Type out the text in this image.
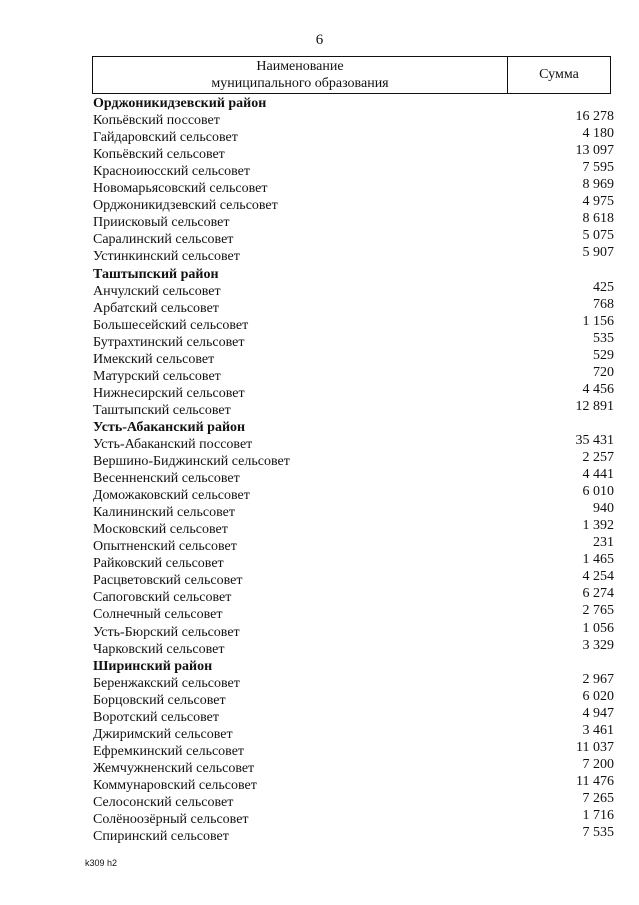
6
Наименование
муниципального образования
Сумма
Орджоникидзевский район
Копьёвский поссовет	16 278
Гайдаровский сельсовет	4 180
Копьёвский сельсовет	13 097
Красноиюсский сельсовет	7 595
Новомарьясовский сельсовет	8 969
Орджоникидзевский сельсовет	4 975
Приисковый сельсовет	8 618
Саралинский сельсовет	5 075
Устинкинский сельсовет	5 907
Таштыпский район
Анчулский сельсовет	425
Арбатский сельсовет	768
Большесейский сельсовет	1 156
Бутрахтинский сельсовет	535
Имекский сельсовет	529
Матурский сельсовет	720
Нижнесирский сельсовет	4 456
Таштыпский сельсовет	12 891
Усть-Абаканский район
Усть-Абаканский поссовет	35 431
Вершино-Биджинский сельсовет	2 257
Весенненский сельсовет	4 441
Доможаковский сельсовет	6 010
Калининский сельсовет	940
Московский сельсовет	1 392
Опытненский сельсовет	231
Райковский сельсовет	1 465
Расцветовский сельсовет	4 254
Сапоговский сельсовет	6 274
Солнечный сельсовет	2 765
Усть-Бюрский сельсовет	1 056
Чарковский сельсовет	3 329
Ширинский район
Беренжакский сельсовет	2 967
Борцовский сельсовет	6 020
Воротский сельсовет	4 947
Джиримский сельсовет	3 461
Ефремкинский сельсовет	11 037
Жемчужненский сельсовет	7 200
Коммунаровский сельсовет	11 476
Селосонский сельсовет	7 265
Солёноозёрный сельсовет	1 716
Спиринский сельсовет	7 535
k309 h2
